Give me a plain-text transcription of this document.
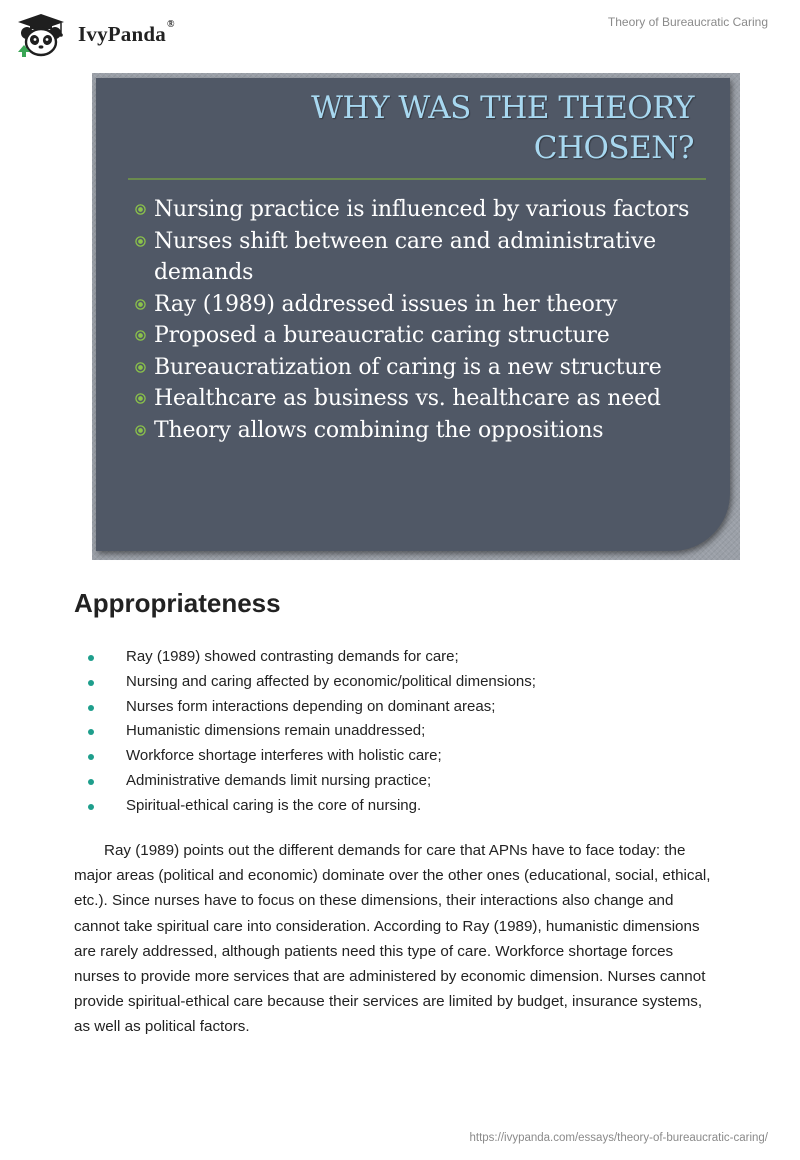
IvyPanda®	Theory of Bureaucratic Caring
WHY WAS THE THEORY
CHOSEN?
Nursing practice is influenced by various factors
Nurses shift between care and administrative demands
Ray (1989) addressed issues in her theory
Proposed a bureaucratic caring structure
Bureaucratization of caring is a new structure
Healthcare as business vs. healthcare as need
Theory allows combining the oppositions
Appropriateness
Ray (1989) showed contrasting demands for care;
Nursing and caring affected by economic/political dimensions;
Nurses form interactions depending on dominant areas;
Humanistic dimensions remain unaddressed;
Workforce shortage interferes with holistic care;
Administrative demands limit nursing practice;
Spiritual-ethical caring is the core of nursing.

Ray (1989) points out the different demands for care that APNs have to face today: the major areas (political and economic) dominate over the other ones (educational, social, ethical, etc.). Since nurses have to focus on these dimensions, their interactions also change and cannot take spiritual care into consideration. According to Ray (1989), humanistic dimensions are rarely addressed, although patients need this type of care. Workforce shortage forces nurses to provide more services that are administered by economic dimension. Nurses cannot provide spiritual-ethical care because their services are limited by budget, insurance systems, as well as political factors.

https://ivypanda.com/essays/theory-of-bureaucratic-caring/
